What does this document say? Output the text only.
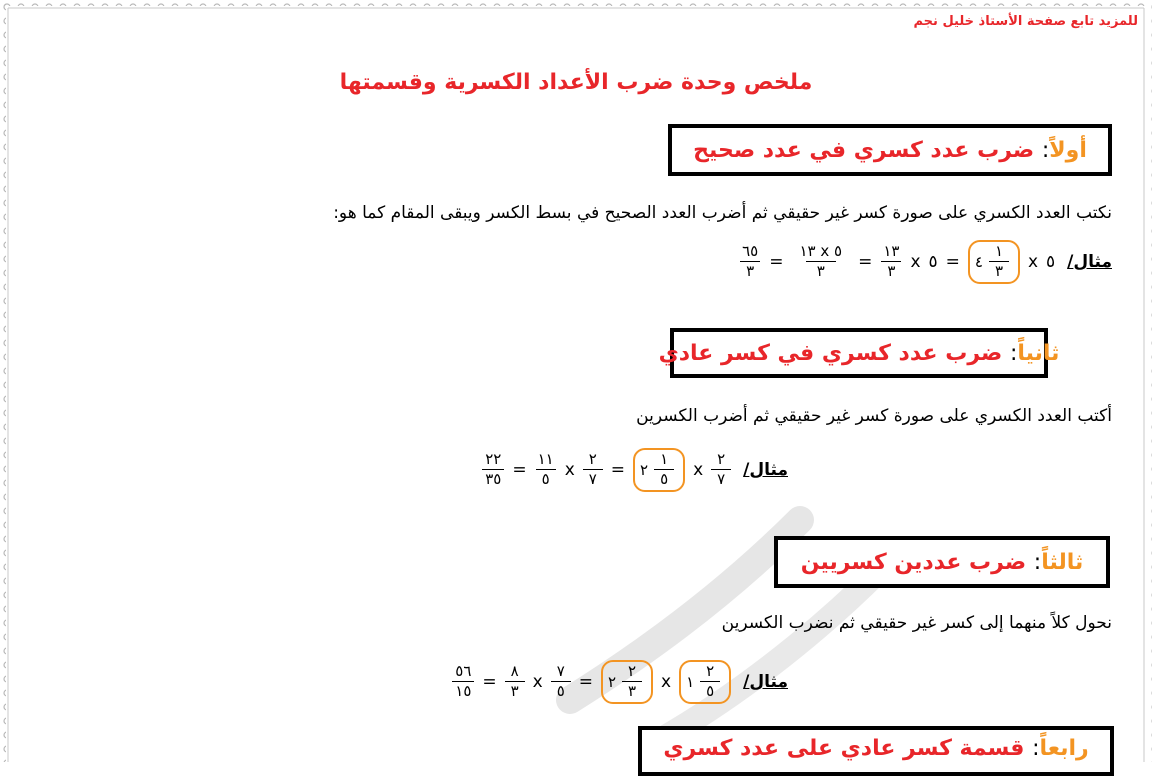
للمزيد تابع صفحة الأستاذ خليل نجم
ملخص وحدة ضرب الأعداد الكسرية وقسمتها
أولاً
:

ضرب عدد كسري في عدد صحيح
نكتب العدد الكسري على صورة كسر غير حقيقي ثم أضرب العدد الصحيح في بسط الكسر ويبقى المقام كما هو:
$\frac{٦٥}{٣} = \frac{١٣ x ٥}{٣} = \frac{١٣}{٣}$ x ٥ = ٤ $\frac{١}{٣}$ x ٥	مثال/
ثانياً
:

ضرب عدد كسري في كسر عادي
أكتب العدد الكسري على صورة كسر غير حقيقي ثم أضرب الكسرين
$\frac{٢٢}{٣٥} = \frac{١١}{٥}$ x $\frac{٢}{٧}$ = ٢ $\frac{١}{٥}$ x $\frac{٢}{٧}$	مثال/
ثالثاً
:

ضرب عددين كسريين
نحول كلاً منهما إلى كسر غير حقيقي ثم نضرب الكسرين
$\frac{٥٦}{١٥} = \frac{٨}{٣}$ x $\frac{٧}{٥}$ = ٢ $\frac{٢}{٣}$ x ١ $\frac{٢}{٥}$	مثال/
رابعاً
:

قسمة كسر عادي على عدد كسري
